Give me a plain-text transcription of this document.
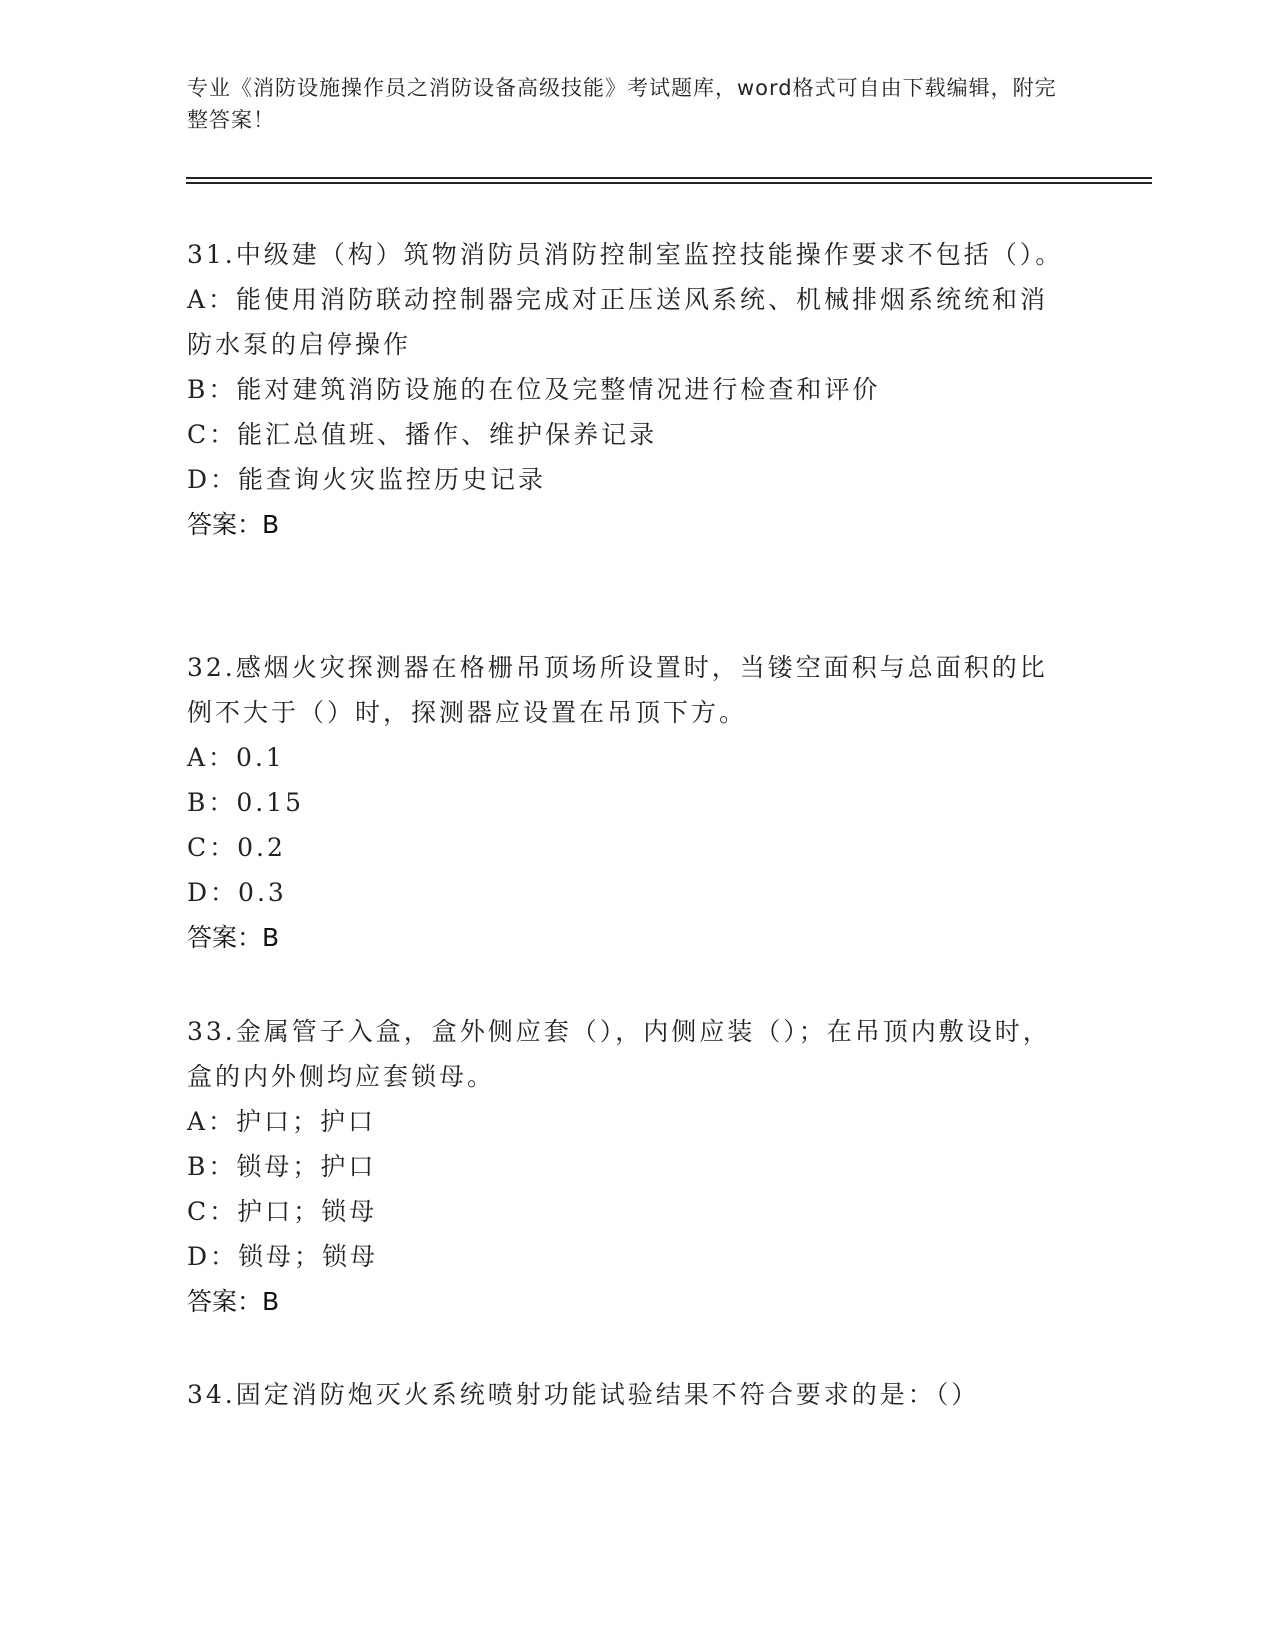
专业《消防设施操作员之消防设备高级技能》考试题库，word格式可自由下载编辑，附完整答案！

31.中级建（构）筑物消防员消防控制室监控技能操作要求不包括（）。

A：能使用消防联动控制器完成对正压送风系统、机械排烟系统统和消防水泵的启停操作

B：能对建筑消防设施的在位及完整情况进行检查和评价

C：能汇总值班、播作、维护保养记录

D：能查询火灾监控历史记录

答案：B

32.感烟火灾探测器在格栅吊顶场所设置时，当镂空面积与总面积的比例不大于（）时，探测器应设置在吊顶下方。

A：0.1

B：0.15

C：0.2

D：0.3

答案：B

33.金属管子入盒，盒外侧应套（），内侧应装（）；在吊顶内敷设时，盒的内外侧均应套锁母。

A：护口；护口

B：锁母；护口

C：护口；锁母

D：锁母；锁母

答案：B

34.固定消防炮灭火系统喷射功能试验结果不符合要求的是：（）
